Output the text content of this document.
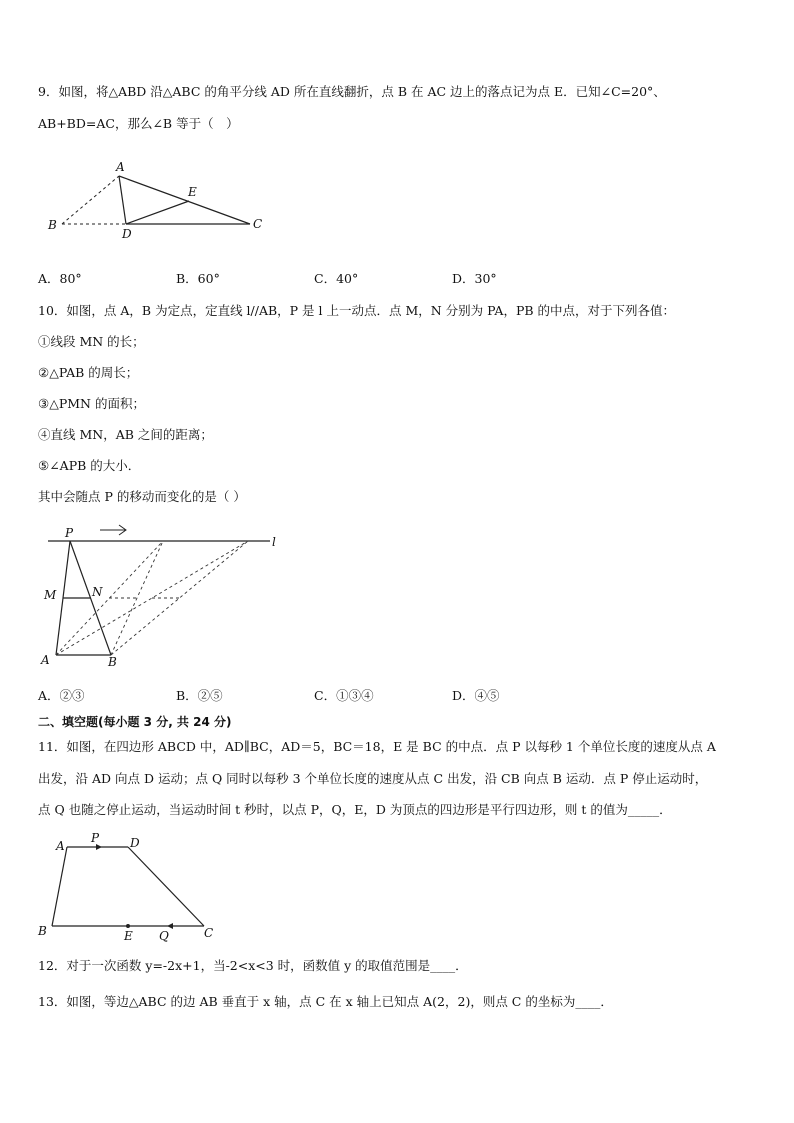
9．如图，将△ABD 沿△ABC 的角平分线 AD 所在直线翻折，点 B 在 AC 边上的落点记为点 E．已知∠C=20°、
AB+BD=AC，那么∠B 等于（　）
A
E
B
D
C
A．80°	B．60°	C．40°	D．30°
10．如图，点 A，B 为定点，定直线 l//AB，P 是 l 上一动点．点 M，N 分别为 PA，PB 的中点，对于下列各值：
①线段 MN 的长；
②△PAB 的周长；
③△PMN 的面积；
④直线 MN，AB 之间的距离；
⑤∠APB 的大小．
其中会随点 P 的移动而变化的是（ ）
P
l
M	N
A	B
A．②③	B．②⑤	C．①③④	D．④⑤
二、填空题(每小题 3 分, 共 24 分)
11．如图，在四边形 ABCD 中，AD∥BC，AD＝5，BC＝18，E 是 BC 的中点．点 P 以每秒 1 个单位长度的速度从点 A
出发，沿 AD 向点 D 运动；点 Q 同时以每秒 3 个单位长度的速度从点 C 出发，沿 CB 向点 B 运动．点 P 停止运动时，
点 Q 也随之停止运动，当运动时间 t 秒时，以点 P，Q，E，D 为顶点的四边形是平行四边形，则 t 的值为_____．
A
P	D
B	E Q	C
12．对于一次函数 y=-2x+1，当-2<x<3 时，函数值 y 的取值范围是____．
13．如图，等边△ABC 的边 AB 垂直于 x 轴，点 C 在 x 轴上已知点 A(2，2)，则点 C 的坐标为____．
